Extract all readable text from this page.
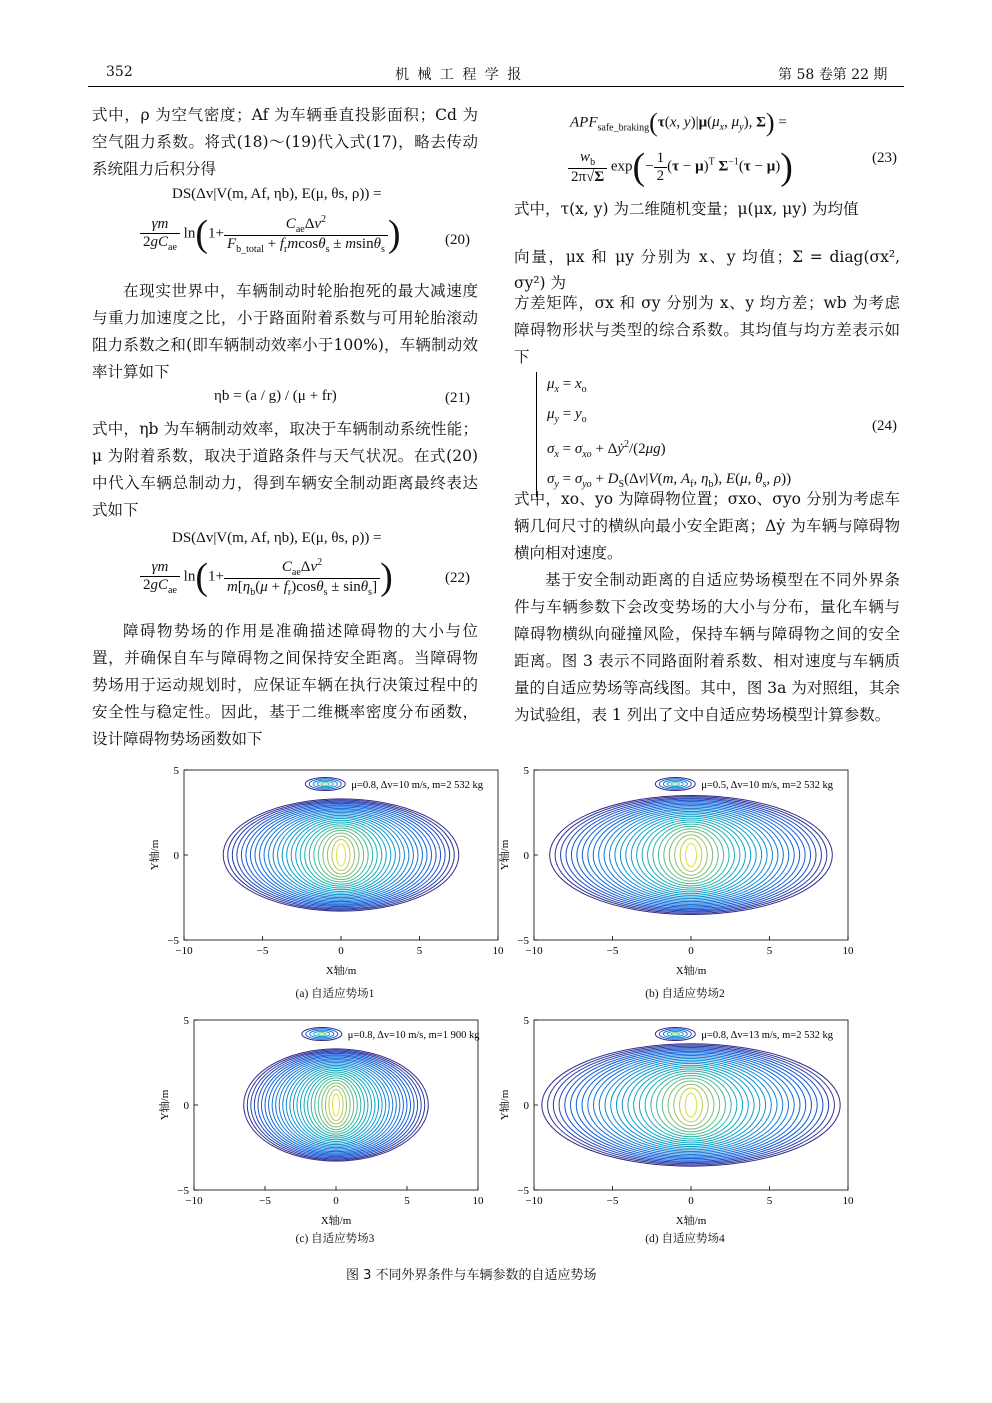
352	机 械 工 程 学 报	第 58 卷第 22 期

式中，ρ 为空气密度；Af 为车辆垂直投影面积；Cd 为空气阻力系数。将式(18)～(19)代入式(17)，略去传动系统阻力后积分得

DS(Δv|V(m, Af, ηb), E(μ, θs, ρ)) =
$\frac{\gamma m}{2gC_{ae}} \ln(1+ \frac{C_{ae}\Delta v^2}{F_{b\_total} + f_rmcos\theta_s \pm msin\theta_s}$ )	(20)

在现实世界中，车辆制动时轮胎抱死的最大减速度与重力加速度之比，小于路面附着系数与可用轮胎滚动阻力系数之和(即车辆制动效率小于100%)，车辆制动效率计算如下

ηb = (a / g) / (μ + fr)	(21)

式中，ηb 为车辆制动效率，取决于车辆制动系统性能；μ 为附着系数，取决于道路条件与天气状况。在式(20)中代入车辆总制动力，得到车辆安全制动距离最终表达式如下

DS(Δv|V(m, Af, ηb), E(μ, θs, ρ)) =
$\frac{\gamma m}{2gC_{ae}} \ln(1+ \frac{C_{ae}\Delta v^2}{m[\eta_b(\mu + f_r)\cos\theta_s \pm \sin\theta_s]}$ )	(22)

障碍物势场的作用是准确描述障碍物的大小与位置，并确保自车与障碍物之间保持安全距离。当障碍物势场用于运动规划时，应保证车辆在执行决策过程中的安全性与稳定性。因此，基于二维概率密度分布函数，设计障碍物势场函数如下

$APF_{safe\_braking}(\tau(x$, $y)|\mu(\mu_x$, $\mu_y$), Σ) =
$\frac{w_b}{2\pi√\Sigma} \exp(- \frac{1}{2} (\tau - \mu)^T$ $\Sigma^{-1}(\tau - \mu)$)	(23)

式中，τ(x, y) 为二维随机变量；μ(μx, μy) 为均值

向量，μx 和 μy 分别为 x、y 均值；Σ = diag(σx², σy²) 为

方差矩阵，σx 和 σy 分别为 x、y 均方差；wb 为考虑障碍物形状与类型的综合系数。其均值与均方差表示如下

$\mu_x = x_o$
$\mu_y = y_o$
$\sigma_x = \sigma_{xo}$ + Δẏ$^2$/(2μg)
$\sigma_y = \sigma_{yo} + D_S(\Delta v|V(m$, $A_f$, $\eta_b$), E(μ, $\theta_s$, ρ))
(24)

式中，xo、yo 为障碍物位置；σxo、σyo 分别为考虑车辆几何尺寸的横纵向最小安全距离；Δẏ 为车辆与障碍物横向相对速度。

基于安全制动距离的自适应势场模型在不同外界条件与车辆参数下会改变势场的大小与分布，量化车辆与障碍物横纵向碰撞风险，保持车辆与障碍物之间的安全距离。图 3 表示不同路面附着系数、相对速度与车辆质量的自适应势场等高线图。其中，图 3a 为对照组，其余为试验组，表 1 列出了文中自适应势场模型计算参数。

−10	−5	0	5	10
5
0
−5
X轴/m
Y轴/m
μ=0.8, Δv=10 m/s, m=2 532 kg
−10	−5	0	5	10
5
0
−5
X轴/m
Y轴/m
μ=0.5, Δv=10 m/s, m=2 532 kg
−10	−5	0	5	10
5
0
−5
X轴/m
Y轴/m
μ=0.8, Δv=10 m/s, m=1 900 kg
−10	−5	0	5	10
5
0
−5
X轴/m
Y轴/m
μ=0.8, Δv=13 m/s, m=2 532 kg
(a) 自适应势场1	(b) 自适应势场2
(c) 自适应势场3	(d) 自适应势场4
图 3 不同外界条件与车辆参数的自适应势场
